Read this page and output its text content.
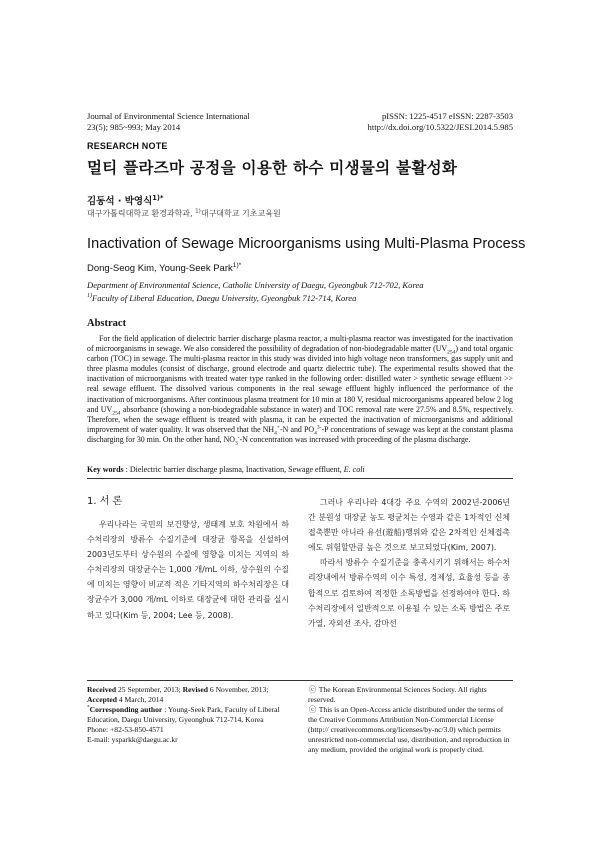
Journal of Environmental Science International
23(5); 985~993; May 2014
pISSN: 1225-4517 eISSN: 2287-3503
http://dx.doi.org/10.5322/JESI.2014.5.985
RESEARCH NOTE
멀티 플라즈마 공정을 이용한 하수 미생물의 불활성화
김동석 · 박영식$^{1)*}$
대구가톨릭대학교 환경과학과, $^{1)}$대구대학교 기초교육원
Inactivation of Sewage Microorganisms using Multi-Plasma Process
Dong-Seog Kim, Young-Seek Park$^{1)*}$
Department of Environmental Science, Catholic University of Daegu, Gyeongbuk 712-702, Korea
$^{1)}$Faculty of Liberal Education, Daegu University, Gyeongbuk 712-714, Korea
Abstract
For the field application of dielectric barrier discharge plasma reactor, a multi-plasma reactor was investigated for the inactivation of microorganisms in sewage. We also considered the possibility of degradation of non-biodegradable matter $(UV_{254})$ and total organic carbon (TOC) in sewage. The multi-plasma reactor in this study was divided into high voltage neon transformers, gas supply unit and three plasma modules (consist of discharge, ground electrode and quartz dielectric tube). The experimental results showed that the inactivation of microorganisms with treated water type ranked in the following order: distilled water > synthetic sewage effluent >> real sewage effluent. The dissolved various components in the real sewage effluent highly influenced the performance of the inactivation of microorganisms. After continuous plasma treatment for 10 min at 180 V, residual microorganisms appeared below 2 log and $UV_{254}$ absorbance (showing a non-biodegradable substance in water) and TOC removal rate were 27.5% and 8.5%, respectively. Therefore, when the sewage effluent is treated with plasma, it can be expected the inactivation of microorganisms and additional improvement of water quality. It was observed that the $NH_4^+-N$ and $PO_4^{3-}-P$ concentrations of sewage was kept at the constant plasma discharging for 30 min. On the other hand, $NO_3^--N$ concentration was increased with proceeding of the plasma discharge.
Key words : Dielectric barrier discharge plasma, Inactivation, Sewage effluent, E. coli
1. 서 론

우리나라는 국민의 보건향상, 생태계 보호 차원에서 하수처리장의 방류수 수질기준에 대장균 항목을 신설하여 2003년도부터 상수원의 수질에 영향을 미치는 지역의 하수처리장의 대장균수는 1,000 개/mL 이하, 상수원의 수질에 미치는 영향이 비교적 적은 기타지역의 하수처리장은 대장균수가 3,000 개/mL 이하로 대장균에 대한 관리를 실시하고 있다(Kim 등, 2004; Lee 등, 2008).

그러나 우리나라 4대강 주요 수역의 2002년-2006년간 분원성 대장균 농도 평균치는 수영과 같은 1차적인 신체 접촉뿐만 아니라 유선(遊船)행위와 같은 2차적인 신체접촉에도 위험할만큼 높은 것으로 보고되었다(Kim, 2007).

따라서 방류수 수질기준을 충족시키기 위해서는 하수처리장내에서 방류수역의 이수 특성, 경제성, 효율성 등을 종합적으로 검토하여 적정한 소독방법을 선정하여야 한다. 하수처리장에서 일반적으로 이용될 수 있는 소독 방법은 주로 가열, 자외선 조사, 감마선

Received 25 September, 2013; Revised 6 November, 2013;
Accepted 4 March, 2014
*Corresponding author : Young-Seek Park, Faculty of Liberal Education, Daegu University, Gyeongbuk 712-714, Korea
Phone: +82-53-850-4571
E-mail: ysparkk@daegu.ac.kr
ⓒ The Korean Environmental Sciences Society. All rights reserved.
ⓒ This is an Open-Access article distributed under the terms of the Creative Commons Attribution Non-Commercial License (http:// creativecommons.org/licenses/by-nc/3.0) which permits unrestricted non-commercial use, distribution, and reproduction in any medium, provided the original work is properly cited.
